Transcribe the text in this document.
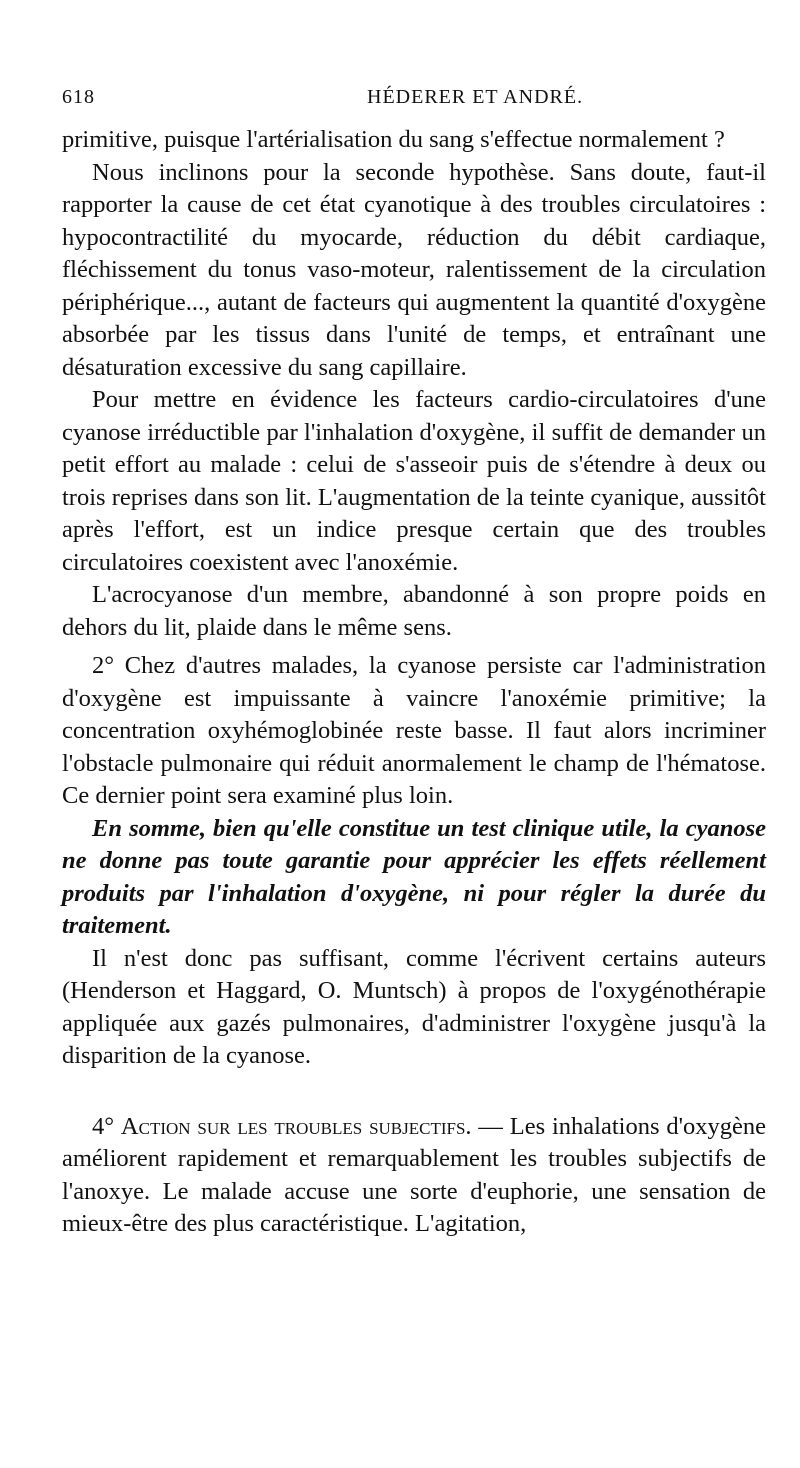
618	HÉDERER ET ANDRÉ.

primitive, puisque l'artérialisation du sang s'effectue normalement ?

Nous inclinons pour la seconde hypothèse. Sans doute, faut-il rapporter la cause de cet état cyanotique à des troubles circulatoires : hypocontractilité du myocarde, réduction du débit cardiaque, fléchissement du tonus vaso-moteur, ralentissement de la circulation périphérique..., autant de facteurs qui augmentent la quantité d'oxygène absorbée par les tissus dans l'unité de temps, et entraînant une désaturation excessive du sang capillaire.

Pour mettre en évidence les facteurs cardio-circulatoires d'une cyanose irréductible par l'inhalation d'oxygène, il suffit de demander un petit effort au malade : celui de s'asseoir puis de s'étendre à deux ou trois reprises dans son lit. L'augmentation de la teinte cyanique, aussitôt après l'effort, est un indice presque certain que des troubles circulatoires coexistent avec l'anoxémie.

L'acrocyanose d'un membre, abandonné à son propre poids en dehors du lit, plaide dans le même sens.

2° Chez d'autres malades, la cyanose persiste car l'administration d'oxygène est impuissante à vaincre l'anoxémie primitive; la concentration oxyhémoglobinée reste basse. Il faut alors incriminer l'obstacle pulmonaire qui réduit anormalement le champ de l'hématose. Ce dernier point sera examiné plus loin.

En somme, bien qu'elle constitue un test clinique utile, la cyanose ne donne pas toute garantie pour apprécier les effets réellement produits par l'inhalation d'oxygène, ni pour régler la durée du traitement.

Il n'est donc pas suffisant, comme l'écrivent certains auteurs (Henderson et Haggard, O. Muntsch) à propos de l'oxygénothérapie appliquée aux gazés pulmonaires, d'administrer l'oxygène jusqu'à la disparition de la cyanose.

4° Action sur les troubles subjectifs. — Les inhalations d'oxygène améliorent rapidement et remarquablement les troubles subjectifs de l'anoxye. Le malade accuse une sorte d'euphorie, une sensation de mieux-être des plus caractéristique. L'agitation,
